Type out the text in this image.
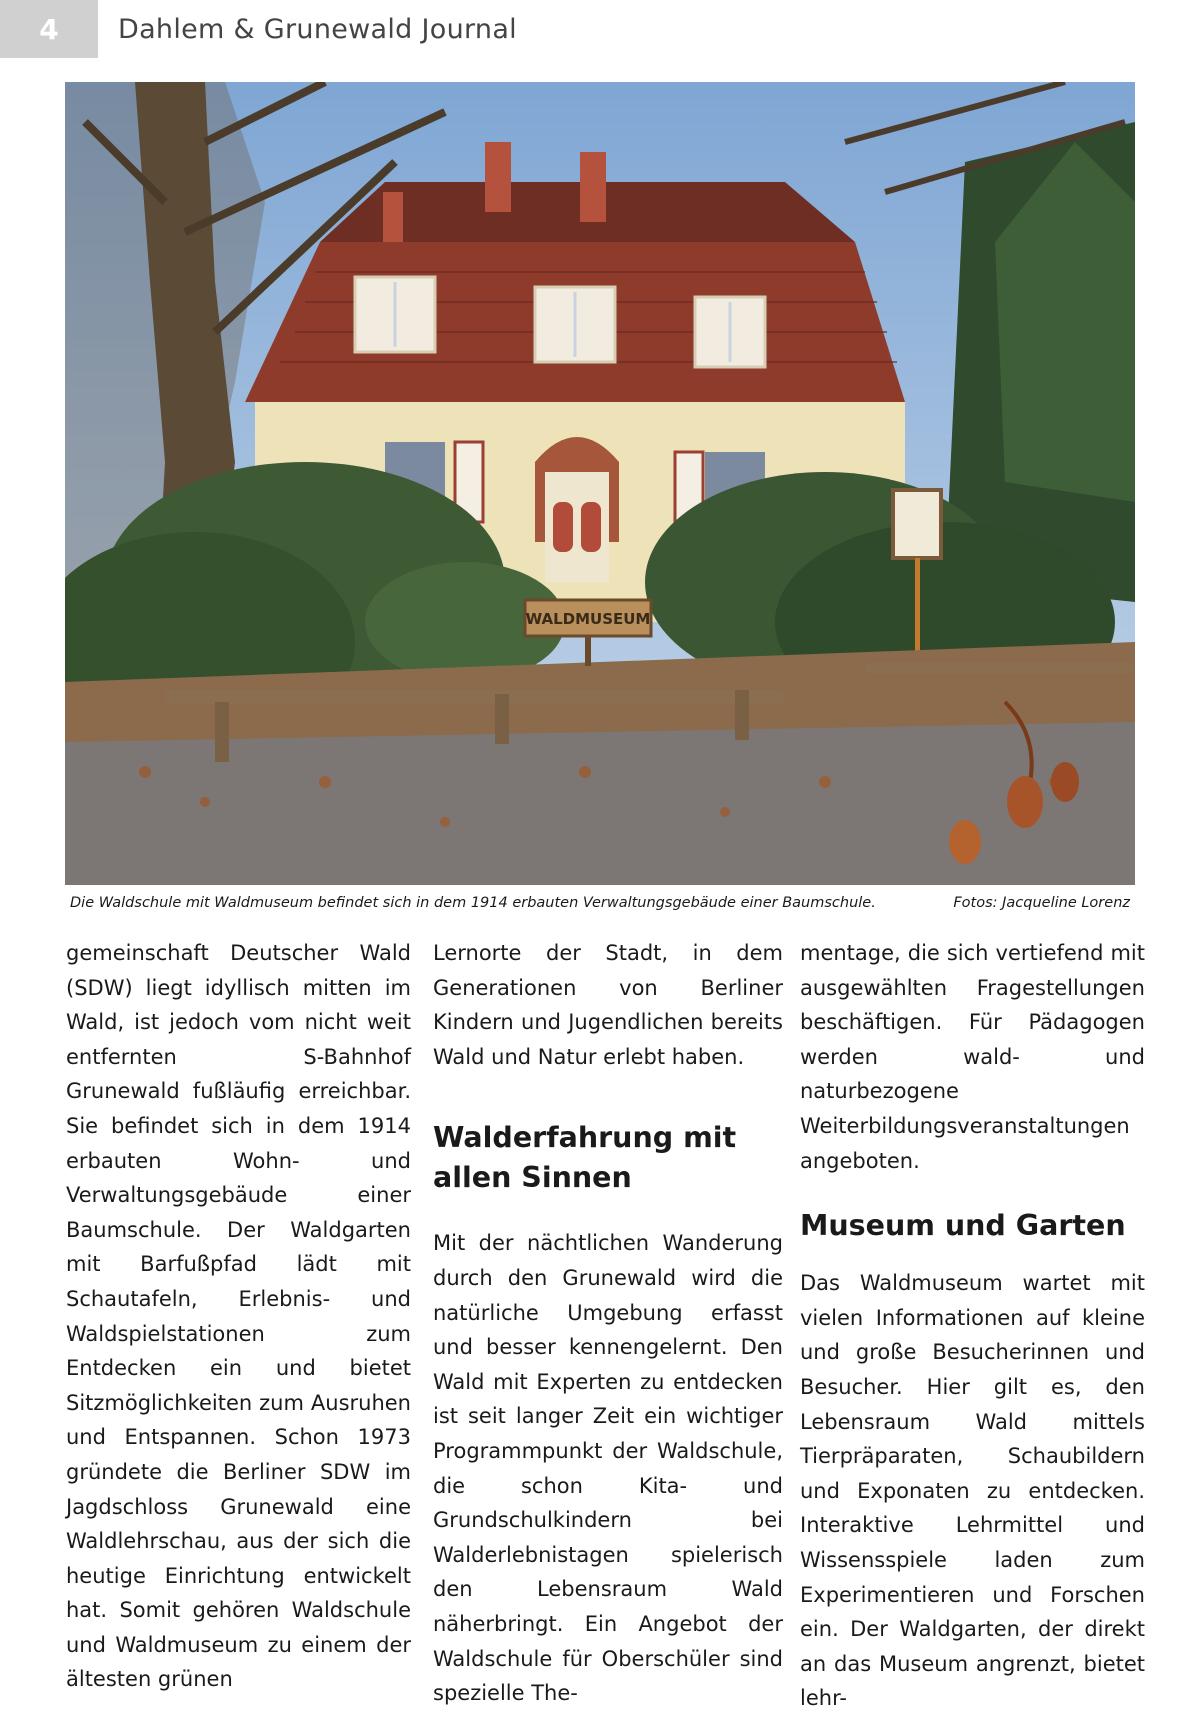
4	Dahlem & Grunewald Journal
WALDMUSEUM
Die Waldschule mit Waldmuseum befindet sich in dem 1914 erbauten Verwaltungsgebäude einer Baumschule.	Fotos: Jacqueline Lorenz

gemeinschaft Deutscher Wald (SDW) liegt idyllisch mitten im Wald, ist jedoch vom nicht weit entfernten S-Bahnhof Grunewald fußläufig erreichbar. Sie befindet sich in dem 1914 erbauten Wohn- und Verwaltungsgebäude einer Baumschule. Der Waldgarten mit Barfußpfad lädt mit Schautafeln, Erlebnis- und Waldspielstationen zum Entdecken ein und bietet Sitzmöglichkeiten zum Ausruhen und Entspannen. Schon 1973 gründete die Berliner SDW im Jagdschloss Grunewald eine Waldlehrschau, aus der sich die heutige Einrichtung entwickelt hat. Somit gehören Waldschule und Waldmuseum zu einem der ältesten grünen

Lernorte der Stadt, in dem Generationen von Berliner Kindern und Jugendlichen bereits Wald und Natur erlebt haben.

Walderfahrung mit allen Sinnen

Mit der nächtlichen Wanderung durch den Grunewald wird die natürliche Umgebung erfasst und besser kennengelernt. Den Wald mit Experten zu entdecken ist seit langer Zeit ein wichtiger Programmpunkt der Waldschule, die schon Kita- und Grundschulkindern bei Walderlebnistagen spielerisch den Lebensraum Wald näherbringt. Ein Angebot der Waldschule für Oberschüler sind spezielle The-

mentage, die sich vertiefend mit ausgewählten Fragestellungen beschäftigen. Für Pädagogen werden wald- und naturbezogene Weiterbildungsveranstaltungen angeboten.

Museum und Garten

Das Waldmuseum wartet mit vielen Informationen auf kleine und große Besucherinnen und Besucher. Hier gilt es, den Lebensraum Wald mittels Tierpräparaten, Schaubildern und Exponaten zu entdecken. Interaktive Lehrmittel und Wissensspiele laden zum Experimentieren und Forschen ein. Der Waldgarten, der direkt an das Museum angrenzt, bietet lehr-
